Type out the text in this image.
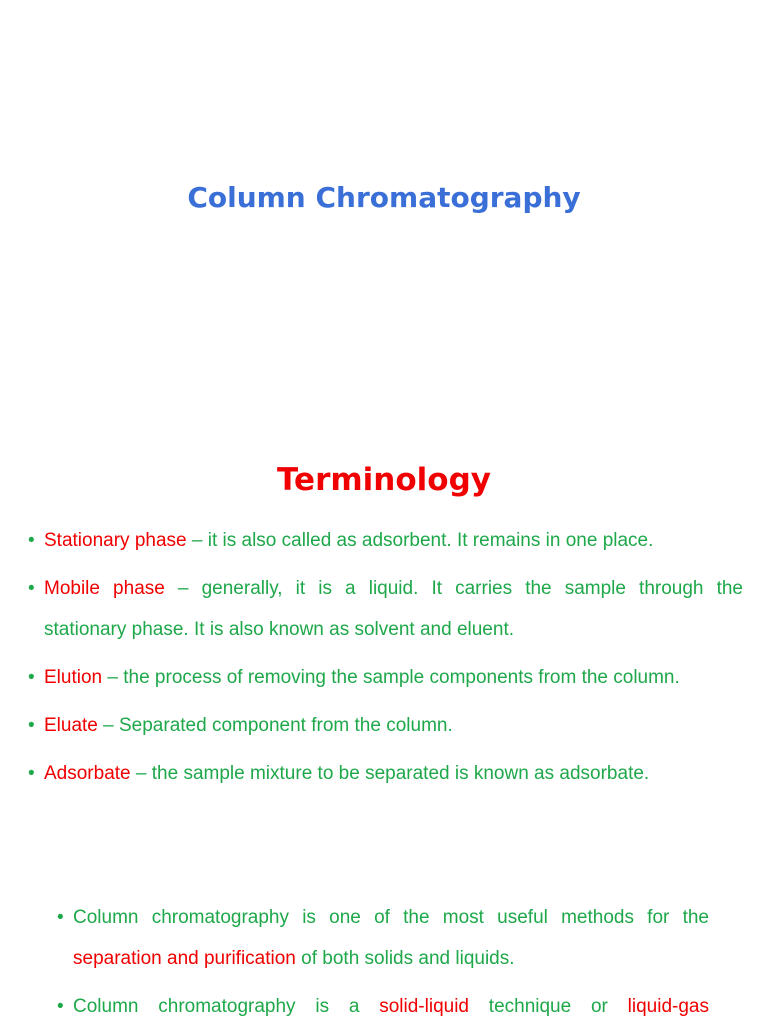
Column Chromatography
Terminology
• Stationary phase – it is also called as adsorbent. It remains in one place.
• Mobile phase – generally, it is a liquid. It carries the sample through the
stationary phase. It is also known as solvent and eluent.
• Elution – the process of removing the sample components from the column.
• Eluate – Separated component from the column.
• Adsorbate – the sample mixture to be separated is known as adsorbate.
• Column chromatography is one of the most useful methods for the
separation and purification of both solids and liquids.
• Column chromatography is a solid-liquid technique or liquid-gas
